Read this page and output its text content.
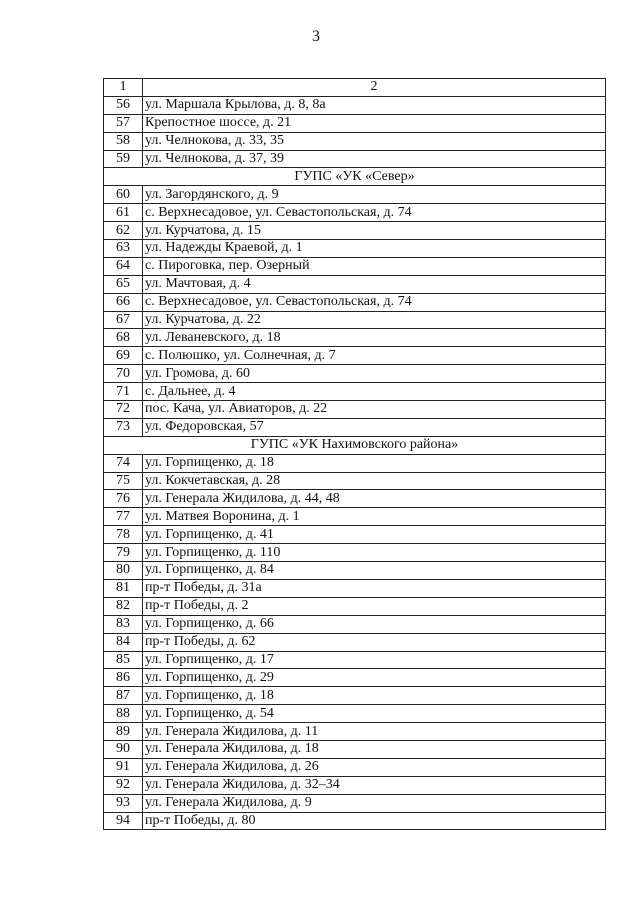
3
1	2
56	ул. Маршала Крылова, д. 8, 8а
57	Крепостное шоссе, д. 21
58	ул. Челнокова, д. 33, 35
59	ул. Челнокова, д. 37, 39
ГУПС «УК «Север»	
60	ул. Загордянского, д. 9
61	с. Верхнесадовое, ул. Севастопольская, д. 74
62	ул. Курчатова, д. 15
63	ул. Надежды Краевой, д. 1
64	с. Пироговка, пер. Озерный
65	ул. Мачтовая, д. 4
66	с. Верхнесадовое, ул. Севастопольская, д. 74
67	ул. Курчатова, д. 22
68	ул. Леваневского, д. 18
69	с. Полюшко, ул. Солнечная, д. 7
70	ул. Громова, д. 60
71	с. Дальнее, д. 4
72	пос. Кача, ул. Авиаторов, д. 22
73	ул. Федоровская, 57
ГУПС «УК Нахимовского района»	
74	ул. Горпищенко, д. 18
75	ул. Кокчетавская, д. 28
76	ул. Генерала Жидилова, д. 44, 48
77	ул. Матвея Воронина, д. 1
78	ул. Горпищенко, д. 41
79	ул. Горпищенко, д. 110
80	ул. Горпищенко, д. 84
81	пр-т Победы, д. 31а
82	пр-т Победы, д. 2
83	ул. Горпищенко, д. 66
84	пр-т Победы, д. 62
85	ул. Горпищенко, д. 17
86	ул. Горпищенко, д. 29
87	ул. Горпищенко, д. 18
88	ул. Горпищенко, д. 54
89	ул. Генерала Жидилова, д. 11
90	ул. Генерала Жидилова, д. 18
91	ул. Генерала Жидилова, д. 26
92	ул. Генерала Жидилова, д. 32–34
93	ул. Генерала Жидилова, д. 9
94	пр-т Победы, д. 80
